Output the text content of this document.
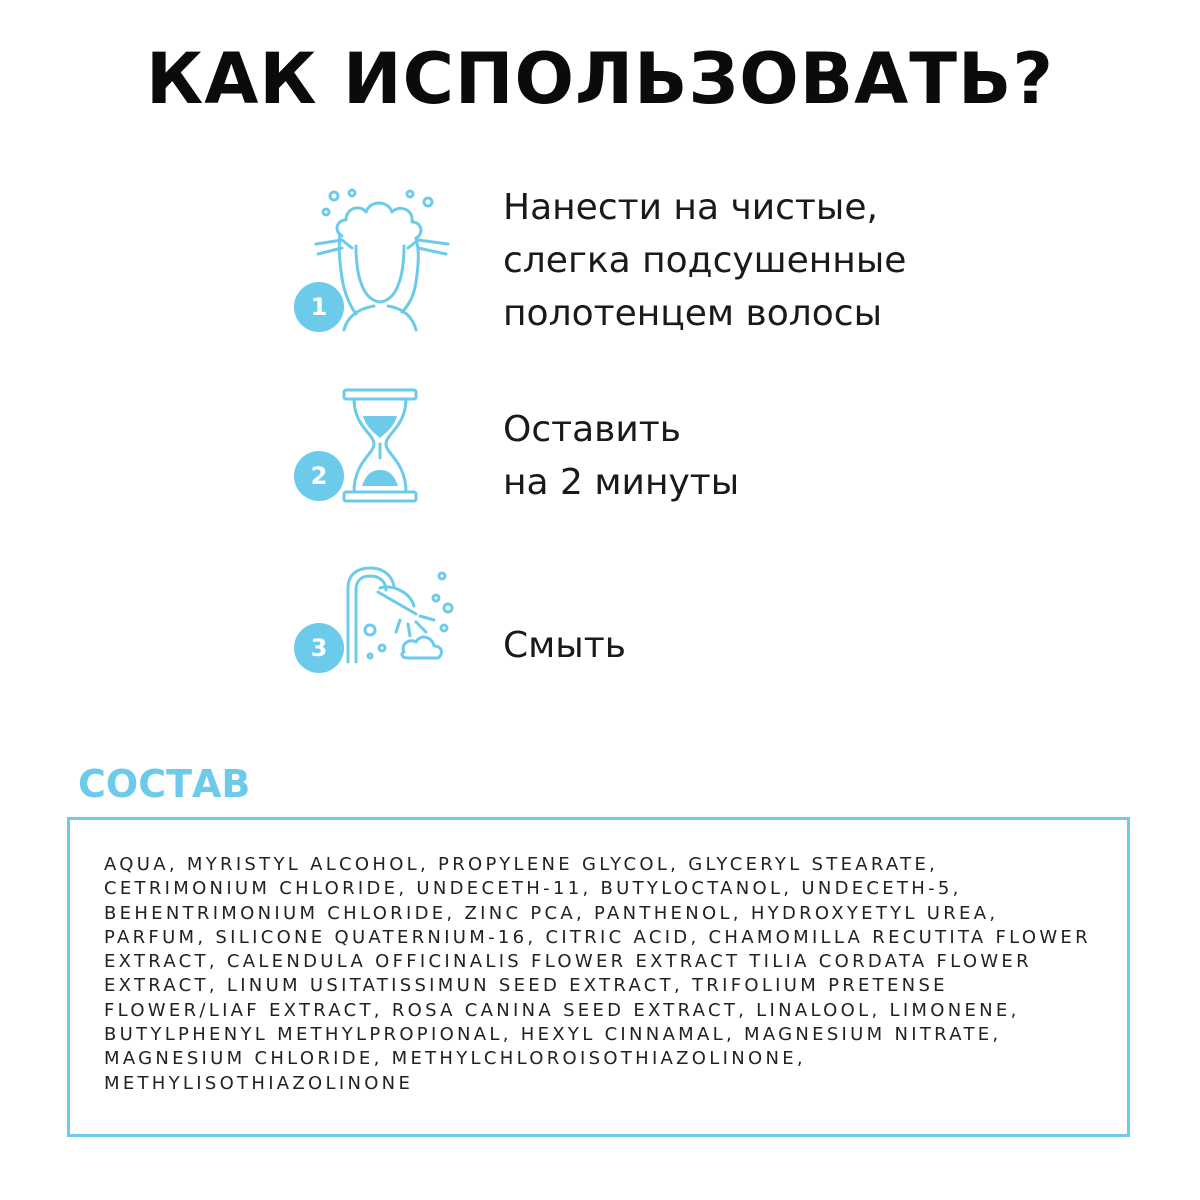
КАК ИСПОЛЬЗОВАТЬ?
1
Нанести на чистые,
слегка подсушенные
полотенцем волосы
2
Оставить
на 2 минуты
3	Смыть
СОСТАВ

AQUA, MYRISTYL ALCOHOL, PROPYLENE GLYCOL, GLYCERYL STEARATE, CETRIMONIUM CHLORIDE, UNDECETH-11, BUTYLOCTANOL, UNDECETH-5, BEHENTRIMONIUM CHLORIDE, ZINC PCA, PANTHENOL, HYDROXYETYL UREA, PARFUM, SILICONE QUATERNIUM-16, CITRIC ACID, CHAMOMILLA RECUTITA FLOWER EXTRACT, CALENDULA OFFICINALIS FLOWER EXTRACT TILIA CORDATA FLOWER EXTRACT, LINUM USITATISSIMUN SEED EXTRACT, TRIFOLIUM PRETENSE FLOWER/LIAF EXTRACT, ROSA CANINA SEED EXTRACT, LINALOOL, LIMONENE, BUTYLPHENYL METHYLPROPIONAL, HEXYL CINNAMAL, MAGNESIUM NITRATE, MAGNESIUM CHLORIDE, METHYLCHLOROISOTHIAZOLINONE, METHYLISOTHIAZOLINONE
